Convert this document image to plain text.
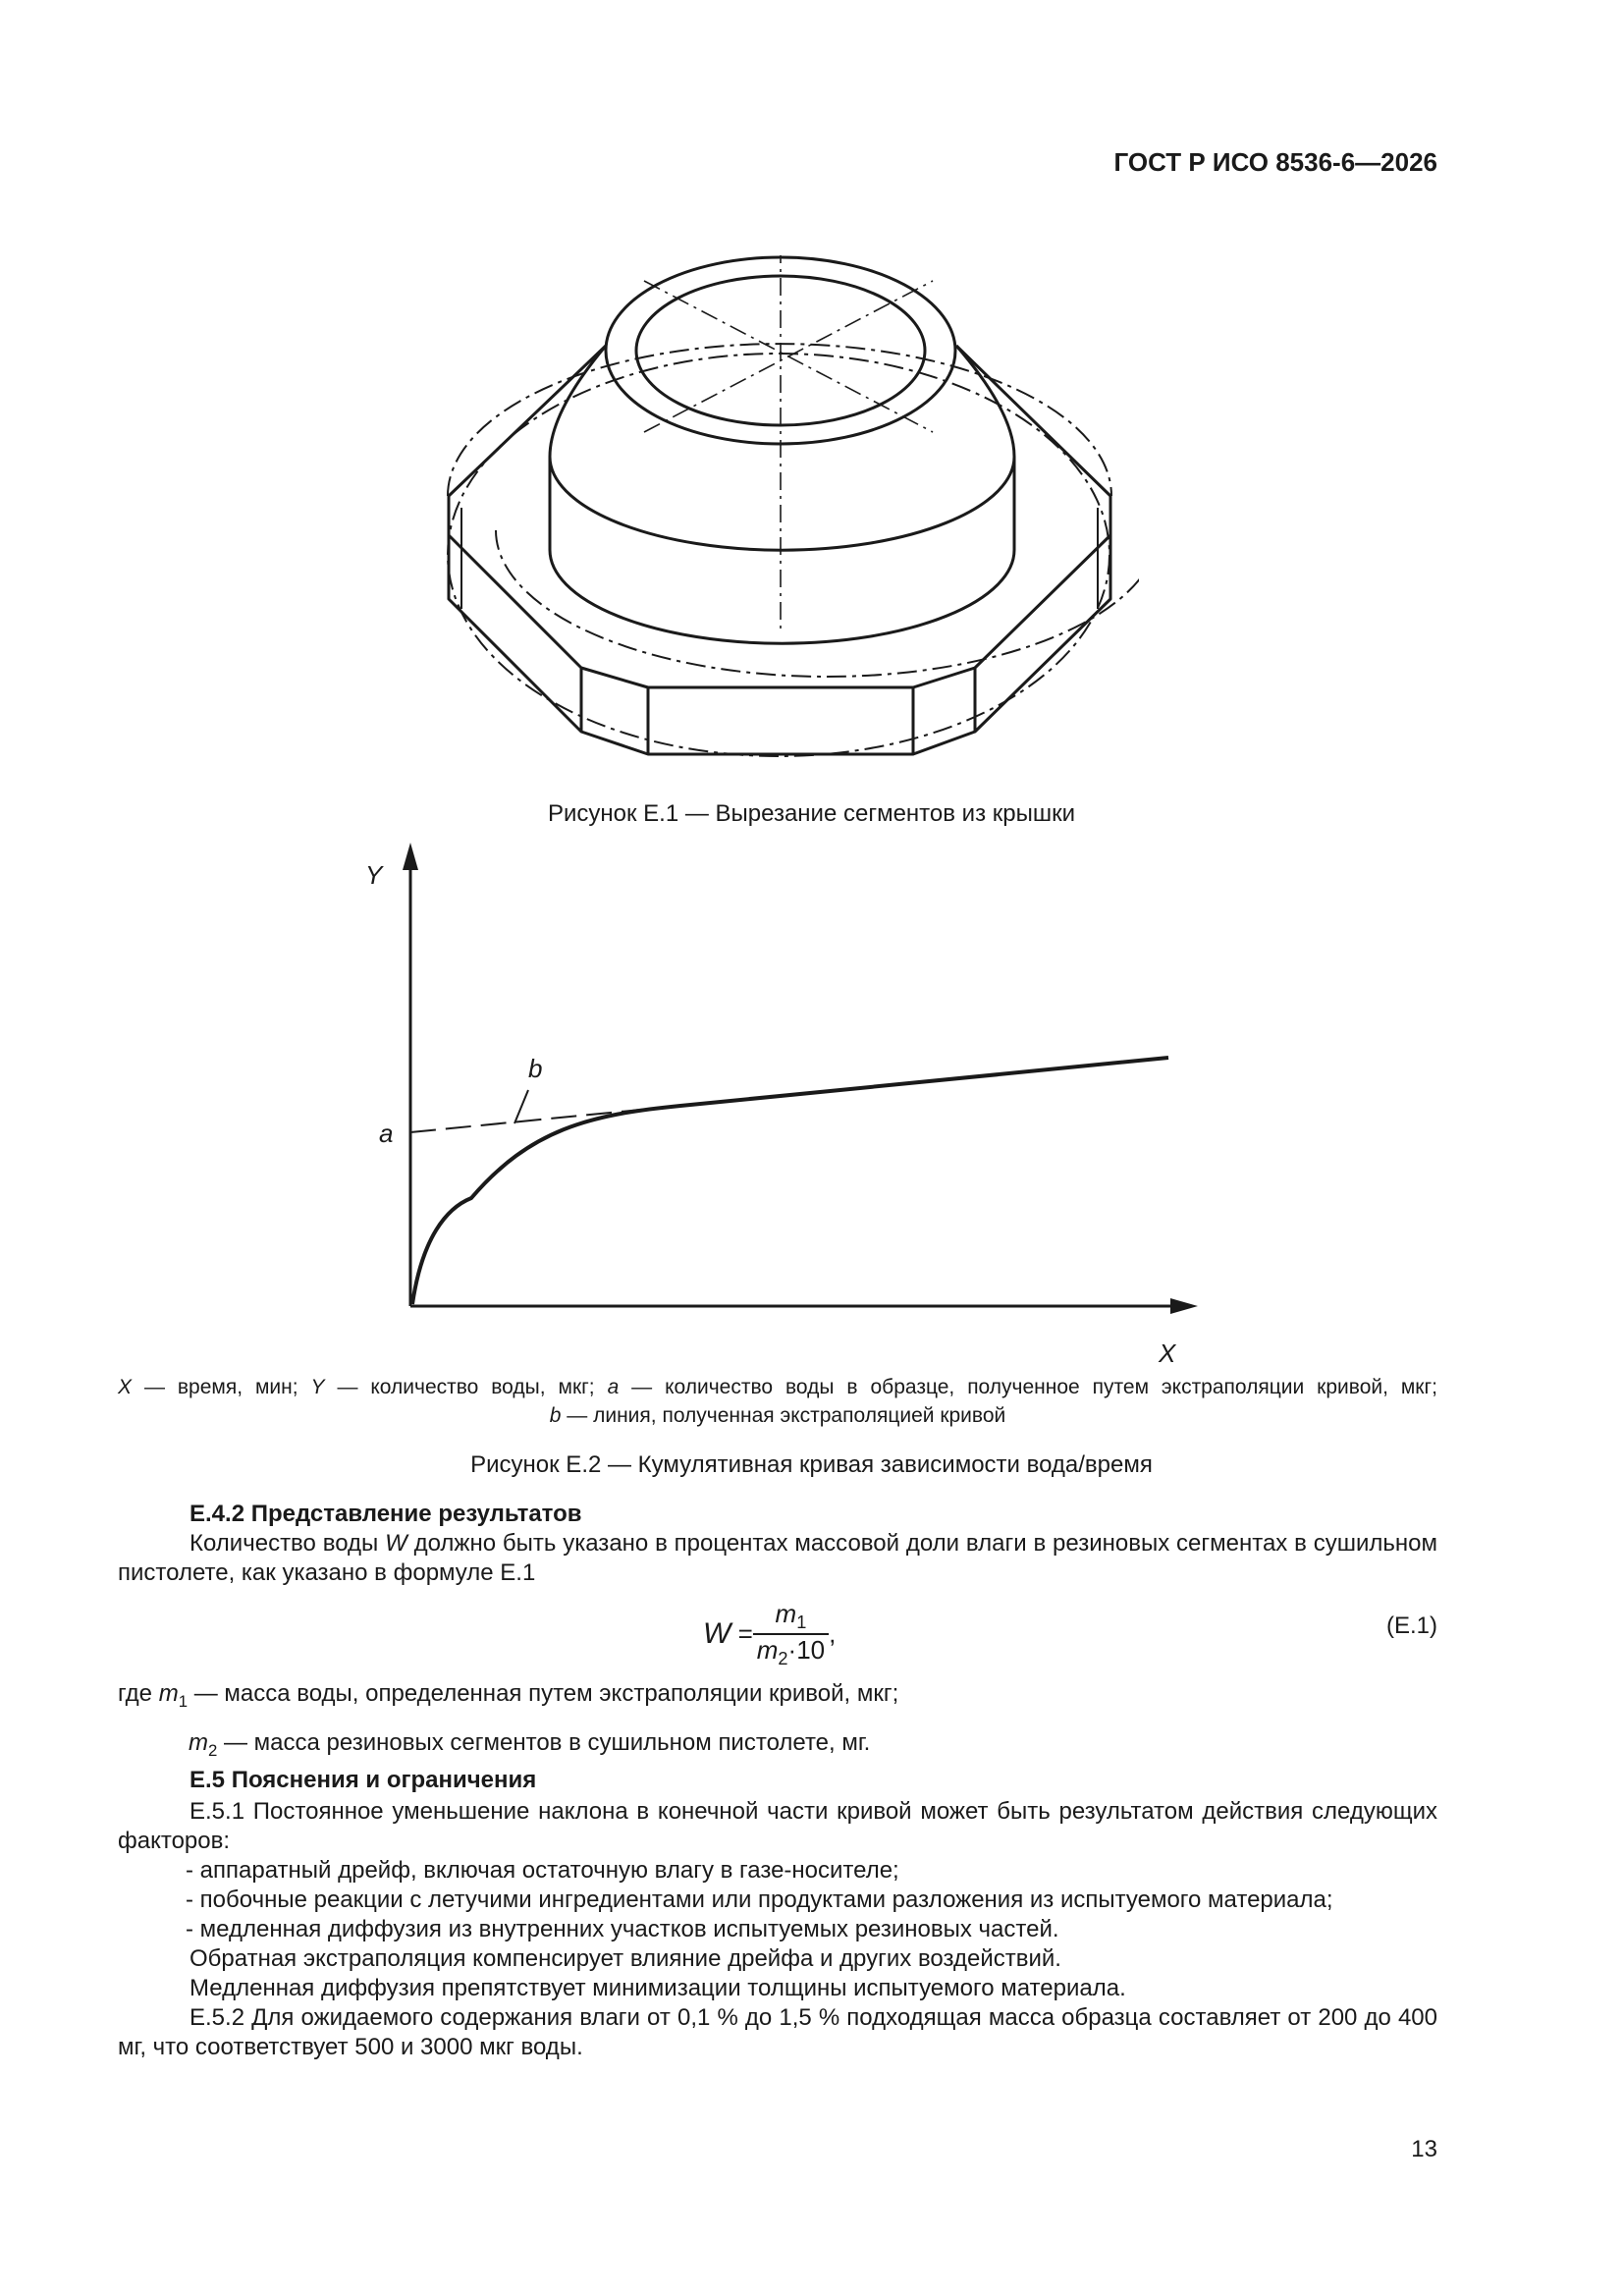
ГОСТ Р ИСО 8536-6—2026
Рисунок Е.1 — Вырезание сегментов из крышки
Y
X
a
b
X — время, мин; Y — количество воды, мкг; a — количество воды в образце, полученное путем экстраполяции кривой, мкг;
b — линия, полученная экстраполяцией кривой
Рисунок Е.2 — Кумулятивная кривая зависимости вода/время

Е.4.2 Представление результатов

Количество воды W должно быть указано в процентах массовой доли влаги в резиновых сегментах в сушильном пистолете, как указано в формуле Е.1

$W = \frac{m_1}{m_2\cdot 10}$ ,	(Е.1)

где $m_1$ — масса воды, определенная путем экстраполяции кривой, мкг;

$m_2$ — масса резиновых сегментов в сушильном пистолете, мг.

Е.5 Пояснения и ограничения

Е.5.1 Постоянное уменьшение наклона в конечной части кривой может быть результатом действия следующих факторов:

- аппаратный дрейф, включая остаточную влагу в газе-носителе;

- побочные реакции с летучими ингредиентами или продуктами разложения из испытуемого материала;

- медленная диффузия из внутренних участков испытуемых резиновых частей.

Обратная экстраполяция компенсирует влияние дрейфа и других воздействий.

Медленная диффузия препятствует минимизации толщины испытуемого материала.

Е.5.2 Для ожидаемого содержания влаги от 0,1 % до 1,5 % подходящая масса образца составляет от 200 до 400 мг, что соответствует 500 и 3000 мкг воды.

13
